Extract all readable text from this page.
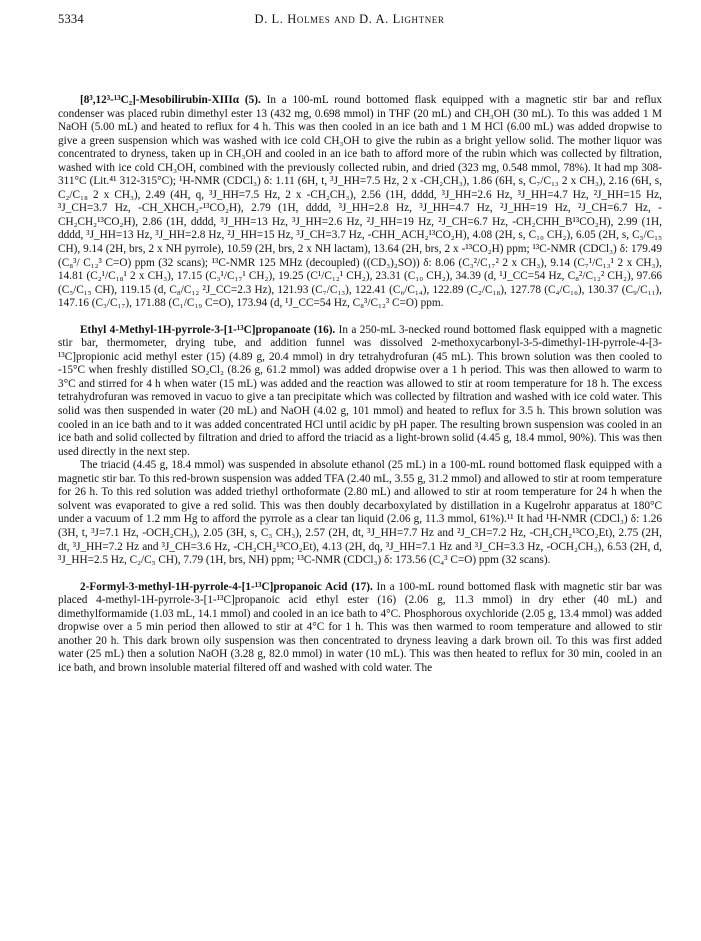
5334	D. L. Holmes and D. A. Lightner

[8³,12³-¹³C₂]-Mesobilirubin-XIIIα (5). In a 100-mL round bottomed flask equipped with a magnetic stir bar and reflux condenser was placed rubin dimethyl ester 13 (432 mg, 0.698 mmol) in THF (20 mL) and CH₃OH (30 mL). To this was added 1 M NaOH (5.00 mL) and heated to reflux for 4 h. This was then cooled in an ice bath and 1 M HCl (6.00 mL) was added dropwise to give a green suspension which was washed with ice cold CH₃OH to give the rubin as a bright yellow solid. The mother liquor was concentrated to dryness, taken up in CH₃OH and cooled in an ice bath to afford more of the rubin which was collected by filtration, washed with ice cold CH₃OH, combined with the previously collected rubin, and dried (323 mg, 0.548 mmol, 78%). It had mp 308-311°C (Lit.⁴¹ 312-315°C); ¹H-NMR (CDCl₃) δ: 1.11 (6H, t, ³J_HH=7.5 Hz, 2 x -CH₂CH₃), 1.86 (6H, s, C₇/C₁₃ 2 x CH₃), 2.16 (6H, s, C₂/C₁₈ 2 x CH₃), 2.49 (4H, q, ³J_HH=7.5 Hz, 2 x -CH₂CH₃), 2.56 (1H, dddd, ³J_HH=2.6 Hz, ³J_HH=4.7 Hz, ²J_HH=15 Hz, ³J_CH=3.7 Hz, -CH_XHCH₂-¹³CO₂H), 2.79 (1H, dddd, ³J_HH=2.8 Hz, ³J_HH=4.7 Hz, ²J_HH=19 Hz, ²J_CH=6.7 Hz, -CH₂CH₂¹³CO₂H), 2.86 (1H, dddd, ³J_HH=13 Hz, ³J_HH=2.6 Hz, ²J_HH=19 Hz, ²J_CH=6.7 Hz, -CH₂CHH_B¹³CO₂H), 2.99 (1H, dddd, ³J_HH=13 Hz, ³J_HH=2.8 Hz, ²J_HH=15 Hz, ³J_CH=3.7 Hz, -CHH_ACH₂¹³CO₂H), 4.08 (2H, s, C₁₀ CH₂), 6.05 (2H, s, C₅/C₁₅ CH), 9.14 (2H, brs, 2 x NH pyrrole), 10.59 (2H, brs, 2 x NH lactam), 13.64 (2H, brs, 2 x -¹³CO₂H) ppm; ¹³C-NMR (CDCl₃) δ: 179.49 (C₈³/ C₁₂³ C=O) ppm (32 scans); ¹³C-NMR 125 MHz (decoupled) ((CD₃)₂SO)) δ: 8.06 (C₃²/C₁₇² 2 x CH₃), 9.14 (C₇¹/C₁₃¹ 2 x CH₃), 14.81 (C₂¹/C₁₈¹ 2 x CH₃), 17.15 (C₃¹/C₁₇¹ CH₂), 19.25 (C¹/C₁₂¹ CH₂), 23.31 (C₁₀ CH₂), 34.39 (d, ¹J_CC=54 Hz, C₈²/C₁₂² CH₂), 97.66 (C₅/C₁₅ CH), 119.15 (d, C₈/C₁₂ ²J_CC=2.3 Hz), 121.93 (C₇/C₁₃), 122.41 (C₆/C₁₄), 122.89 (C₂/C₁₈), 127.78 (C₄/C₁₆), 130.37 (C₉/C₁₁), 147.16 (C₃/C₁₇), 171.88 (C₁/C₁₉ C=O), 173.94 (d, ¹J_CC=54 Hz, C₈³/C₁₂³ C=O) ppm.

Ethyl 4-Methyl-1H-pyrrole-3-[1-¹³C]propanoate (16). In a 250-mL 3-necked round bottomed flask equipped with a magnetic stir bar, thermometer, drying tube, and addition funnel was dissolved 2-methoxycarbonyl-3-5-dimethyl-1H-pyrrole-4-[3-¹³C]propionic acid methyl ester (15) (4.89 g, 20.4 mmol) in dry tetrahydrofuran (45 mL). This brown solution was then cooled to -15°C when freshly distilled SO₂Cl₂ (8.26 g, 61.2 mmol) was added dropwise over a 1 h period. This was then allowed to warm to 3°C and stirred for 4 h when water (15 mL) was added and the reaction was allowed to stir at room temperature for 18 h. The excess tetrahydrofuran was removed in vacuo to give a tan precipitate which was collected by filtration and washed with ice cold water. This solid was then suspended in water (20 mL) and NaOH (4.02 g, 101 mmol) and heated to reflux for 3.5 h. This brown solution was cooled in an ice bath and to it was added concentrated HCl until acidic by pH paper. The resulting brown suspension was cooled in an ice bath and solid collected by filtration and dried to afford the triacid as a light-brown solid (4.45 g, 18.4 mmol, 90%). This was then used directly in the next step.

The triacid (4.45 g, 18.4 mmol) was suspended in absolute ethanol (25 mL) in a 100-mL round bottomed flask equipped with a magnetic stir bar. To this red-brown suspension was added TFA (2.40 mL, 3.55 g, 31.2 mmol) and allowed to stir at room temperature for 26 h. To this red solution was added triethyl orthoformate (2.80 mL) and allowed to stir at room temperature for 24 h when the solvent was evaporated to give a red solid. This was then doubly decarboxylated by distillation in a Kugelrohr apparatus at 180°C under a vacuum of 1.2 mm Hg to afford the pyrrole as a clear tan liquid (2.06 g, 11.3 mmol, 61%).¹¹ It had ¹H-NMR (CDCl₃) δ: 1.26 (3H, t, ³J=7.1 Hz, -OCH₂CH₃), 2.05 (3H, s, C₃ CH₃), 2.57 (2H, dt, ³J_HH=7.7 Hz and ²J_CH=7.2 Hz, -CH₂CH₂¹³CO₂Et), 2.75 (2H, dt, ³J_HH=7.2 Hz and ³J_CH=3.6 Hz, -CH₂CH₂¹³CO₂Et), 4.13 (2H, dq, ³J_HH=7.1 Hz and ³J_CH=3.3 Hz, -OCH₂CH₃), 6.53 (2H, d, ³J_HH=2.5 Hz, C₂/C₅ CH), 7.79 (1H, brs, NH) ppm; ¹³C-NMR (CDCl₃) δ: 173.56 (C₄³ C=O) ppm (32 scans).

2-Formyl-3-methyl-1H-pyrrole-4-[1-¹³C]propanoic Acid (17). In a 100-mL round bottomed flask with magnetic stir bar was placed 4-methyl-1H-pyrrole-3-[1-¹³C]propanoic acid ethyl ester (16) (2.06 g, 11.3 mmol) in dry ether (40 mL) and dimethylformamide (1.03 mL, 14.1 mmol) and cooled in an ice bath to 4°C. Phosphorous oxychloride (2.05 g, 13.4 mmol) was added dropwise over a 5 min period then allowed to stir at 4°C for 1 h. This was then warmed to room temperature and allowed to stir another 20 h. This dark brown oily suspension was then concentrated to dryness leaving a dark brown oil. To this was first added water (25 mL) then a solution NaOH (3.28 g, 82.0 mmol) in water (10 mL). This was then heated to reflux for 30 min, cooled in an ice bath, and brown insoluble material filtered off and washed with cold water. The
